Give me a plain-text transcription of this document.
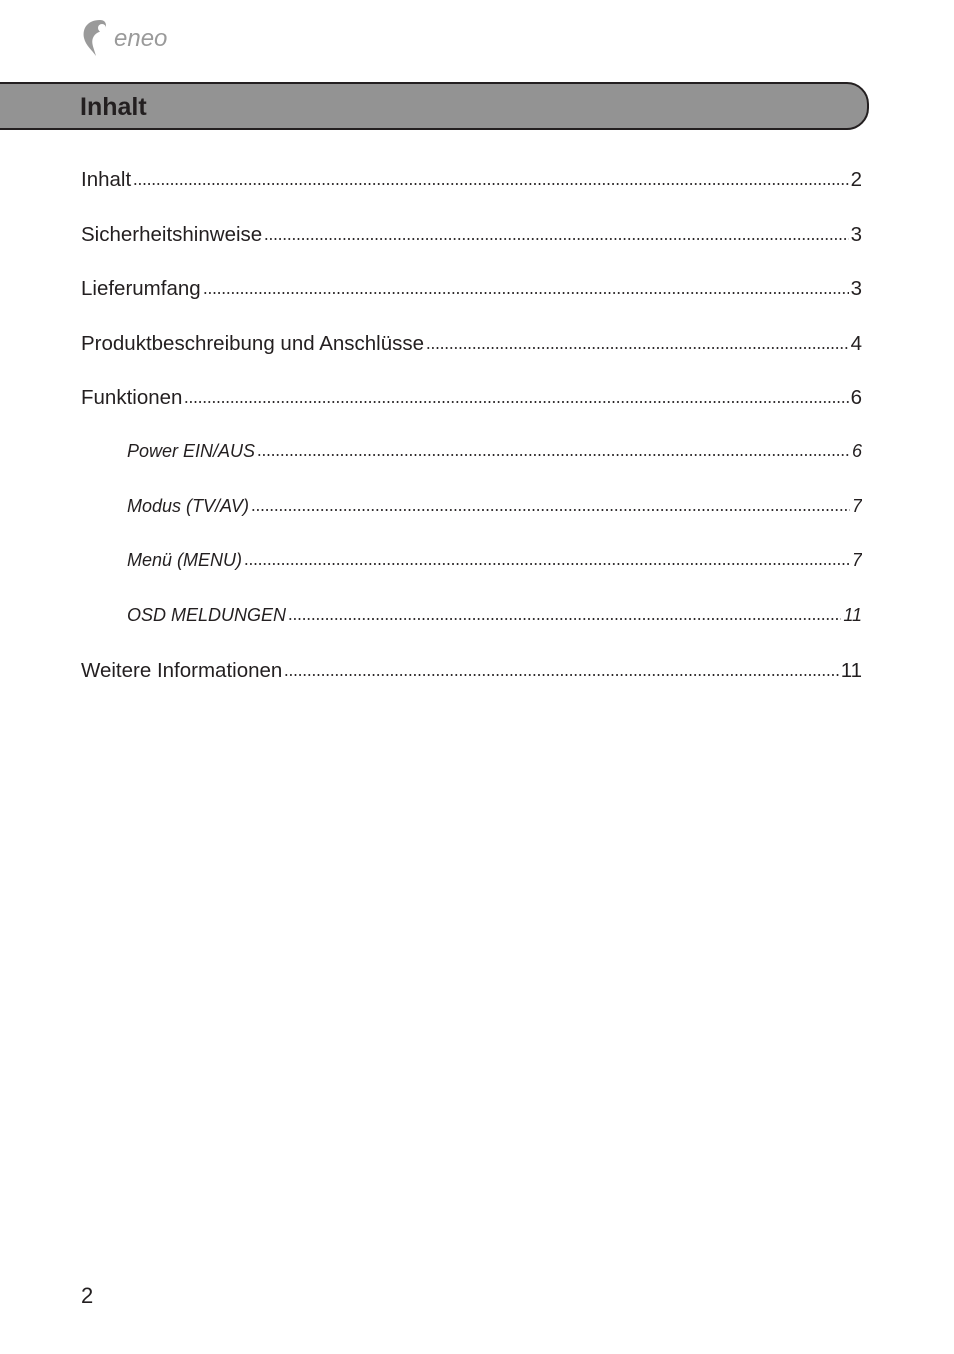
eneo
Inhalt
Inhalt	2
Sicherheitshinweise	3
Lieferumfang	3
Produktbeschreibung und Anschlüsse	4
Funktionen	6
Power EIN/AUS	6
Modus (TV/AV)	7
Menü (MENU)	7
OSD MELDUNGEN	11
Weitere Informationen	11
2
